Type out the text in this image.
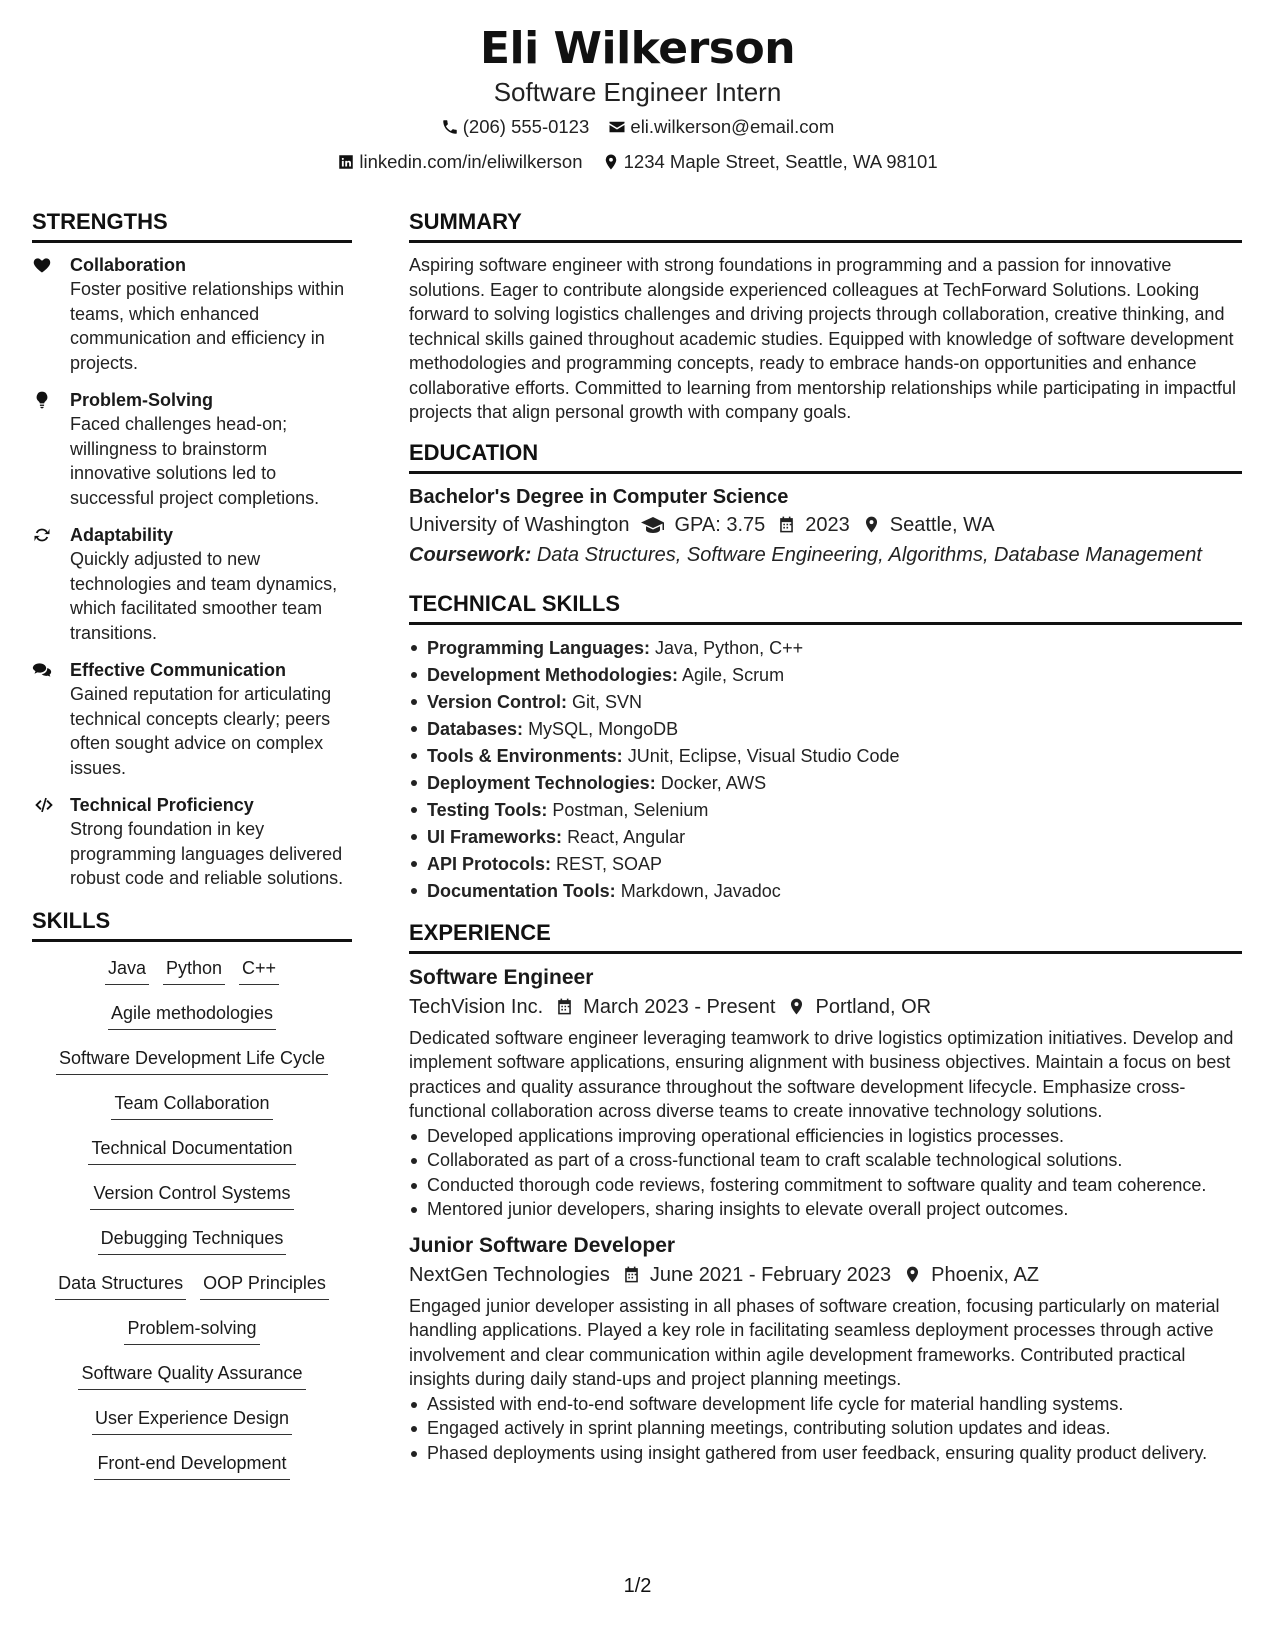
Eli Wilkerson
Software Engineer Intern
(206) 555-0123
eli.wilkerson@email.com
linkedin.com/in/eliwilkerson
1234 Maple Street, Seattle, WA 98101
STRENGTHS
Collaboration
Foster positive relationships within teams, which enhanced communication and efficiency in projects.
Problem-Solving
Faced challenges head-on; willingness to brainstorm innovative solutions led to successful project completions.
Adaptability
Quickly adjusted to new technologies and team dynamics, which facilitated smoother team transitions.
Effective Communication
Gained reputation for articulating technical concepts clearly; peers often sought advice on complex issues.
Technical Proficiency
Strong foundation in key programming languages delivered robust code and reliable solutions.
SKILLS
Java Python C++
Agile methodologies
Software Development Life Cycle
Team Collaboration
Technical Documentation
Version Control Systems
Debugging Techniques
Data Structures OOP Principles
Problem-solving
Software Quality Assurance
User Experience Design
Front-end Development
SUMMARY
Aspiring software engineer with strong foundations in programming and a passion for innovative solutions. Eager to contribute alongside experienced colleagues at TechForward Solutions. Looking forward to solving logistics challenges and driving projects through collaboration, creative thinking, and technical skills gained throughout academic studies. Equipped with knowledge of software development methodologies and programming concepts, ready to embrace hands-on opportunities and enhance collaborative efforts. Committed to learning from mentorship relationships while participating in impactful projects that align personal growth with company goals.
EDUCATION
Bachelor's Degree in Computer Science
University of Washington GPA: 3.75 2023 Seattle, WA
Coursework: Data Structures, Software Engineering, Algorithms, Database Management
TECHNICAL SKILLS
Programming Languages: Java, Python, C++
Development Methodologies: Agile, Scrum
Version Control: Git, SVN
Databases: MySQL, MongoDB
Tools & Environments: JUnit, Eclipse, Visual Studio Code
Deployment Technologies: Docker, AWS
Testing Tools: Postman, Selenium
UI Frameworks: React, Angular
API Protocols: REST, SOAP
Documentation Tools: Markdown, Javadoc
EXPERIENCE
Software Engineer
TechVision Inc. March 2023 - Present Portland, OR
Dedicated software engineer leveraging teamwork to drive logistics optimization initiatives. Develop and implement software applications, ensuring alignment with business objectives. Maintain a focus on best practices and quality assurance throughout the software development lifecycle. Emphasize cross-functional collaboration across diverse teams to create innovative technology solutions.
Developed applications improving operational efficiencies in logistics processes.
Collaborated as part of a cross-functional team to craft scalable technological solutions.
Conducted thorough code reviews, fostering commitment to software quality and team coherence.
Mentored junior developers, sharing insights to elevate overall project outcomes.
Junior Software Developer
NextGen Technologies June 2021 - February 2023 Phoenix, AZ
Engaged junior developer assisting in all phases of software creation, focusing particularly on material handling applications. Played a key role in facilitating seamless deployment processes through active involvement and clear communication within agile development frameworks. Contributed practical insights during daily stand-ups and project planning meetings.
Assisted with end-to-end software development life cycle for material handling systems.
Engaged actively in sprint planning meetings, contributing solution updates and ideas.
Phased deployments using insight gathered from user feedback, ensuring quality product delivery.
1/2
